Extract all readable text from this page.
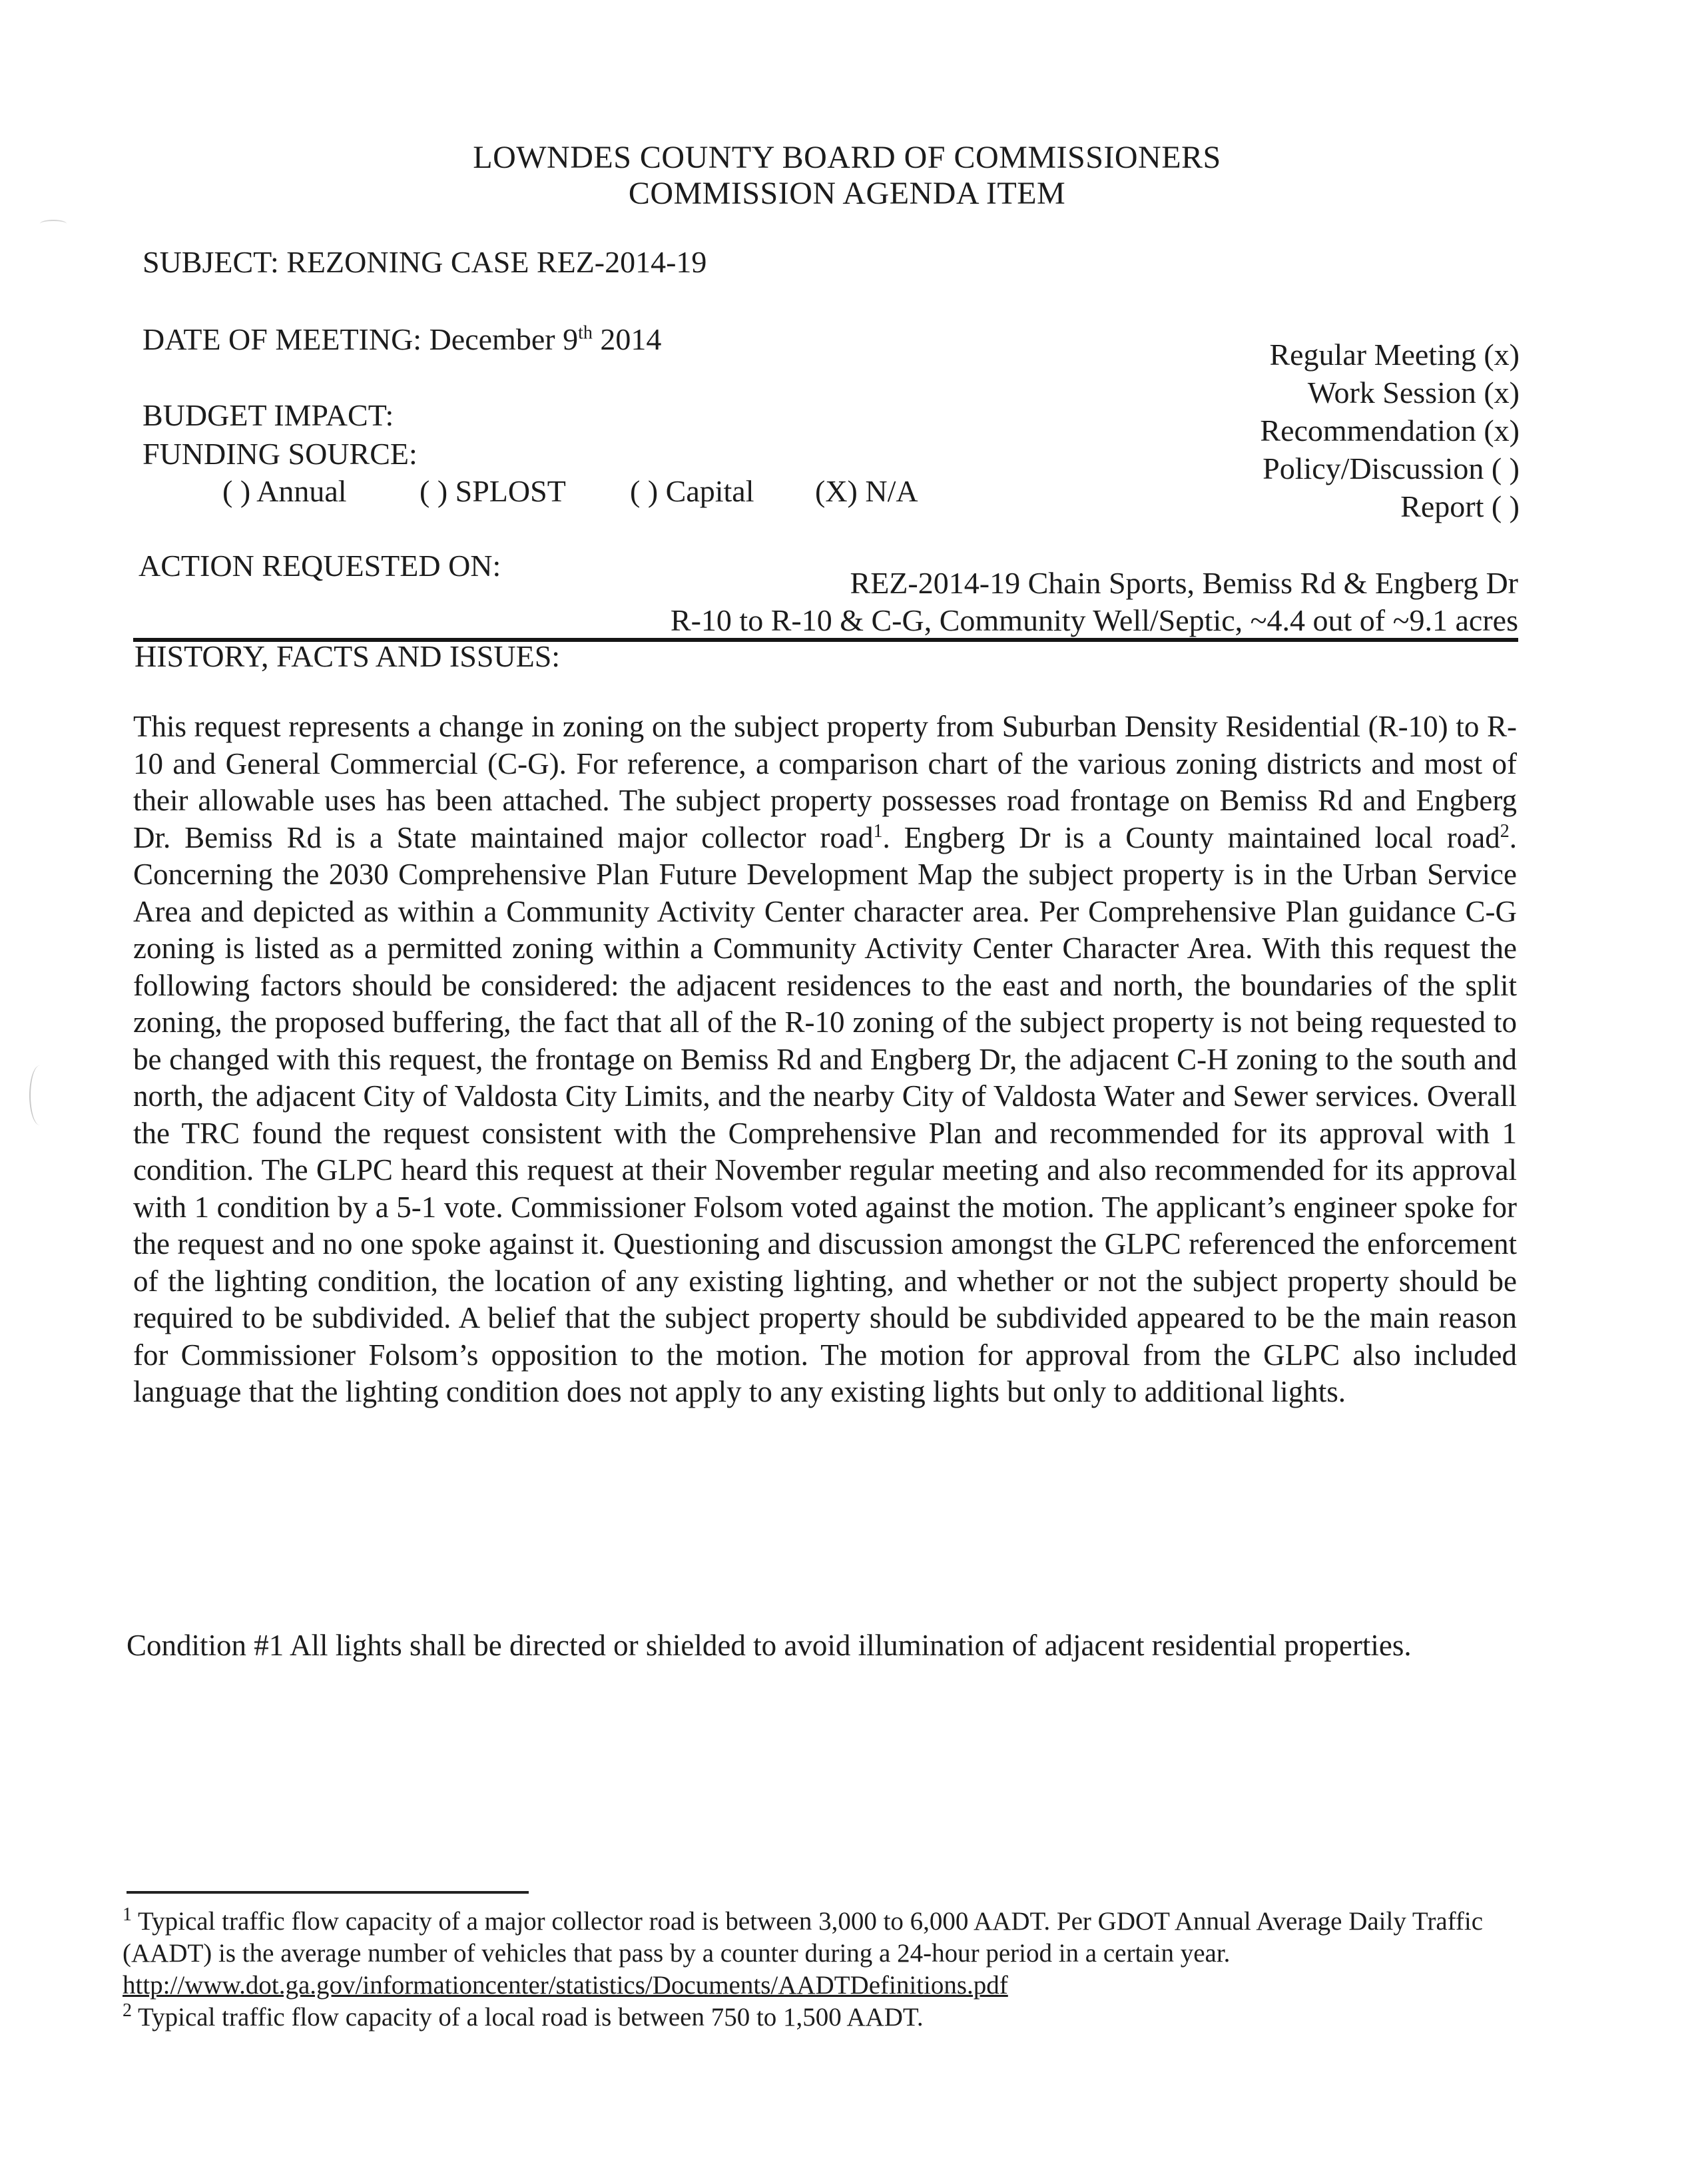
LOWNDES COUNTY BOARD OF COMMISSIONERS
COMMISSION AGENDA ITEM
SUBJECT: REZONING CASE REZ-2014-19
DATE OF MEETING: December 9th 2014	Regular Meeting (x)
Work Session (x)
Recommendation (x)
Policy/Discussion ( )
Report ( )
BUDGET IMPACT:
FUNDING SOURCE:
( ) Annual ( ) SPLOST ( ) Capital (X) N/A
ACTION REQUESTED ON:
REZ-2014-19 Chain Sports, Bemiss Rd & Engberg Dr
R-10 to R-10 & C-G, Community Well/Septic, ~4.4 out of ~9.1 acres
HISTORY, FACTS AND ISSUES:

This request represents a change in zoning on the subject property from Suburban Density Residential (R-10) to R-10 and General Commercial (C-G). For reference, a comparison chart of the various zoning districts and most of their allowable uses has been attached. The subject property possesses road frontage on Bemiss Rd and Engberg Dr. Bemiss Rd is a State maintained major collector road$^1$. Engberg Dr is a County maintained local road$^2$. Concerning the 2030 Comprehensive Plan Future Development Map the subject property is in the Urban Service Area and depicted as within a Community Activity Center character area. Per Comprehensive Plan guidance C-G zoning is listed as a permitted zoning within a Community Activity Center Character Area. With this request the following factors should be considered: the adjacent residences to the east and north, the boundaries of the split zoning, the proposed buffering, the fact that all of the R-10 zoning of the subject property is not being requested to be changed with this request, the frontage on Bemiss Rd and Engberg Dr, the adjacent C-H zoning to the south and north, the adjacent City of Valdosta City Limits, and the nearby City of Valdosta Water and Sewer services. Overall the TRC found the request consistent with the Comprehensive Plan and recommended for its approval with 1 condition. The GLPC heard this request at their November regular meeting and also recommended for its approval with 1 condition by a 5-1 vote. Commissioner Folsom voted against the motion. The applicant’s engineer spoke for the request and no one spoke against it. Questioning and discussion amongst the GLPC referenced the enforcement of the lighting condition, the location of any existing lighting, and whether or not the subject property should be required to be subdivided. A belief that the subject property should be subdivided appeared to be the main reason for Commissioner Folsom’s opposition to the motion. The motion for approval from the GLPC also included language that the lighting condition does not apply to any existing lights but only to additional lights.

Condition #1 All lights shall be directed or shielded to avoid illumination of adjacent residential properties.

$^1$ Typical traffic flow capacity of a major collector road is between 3,000 to 6,000 AADT. Per GDOT Annual Average Daily Traffic (AADT) is the average number of vehicles that pass by a counter during a 24-hour period in a certain year.
http://www.dot.ga.gov/informationcenter/statistics/Documents/AADTDefinitions.pdf

$^2$ Typical traffic flow capacity of a local road is between 750 to 1,500 AADT.
